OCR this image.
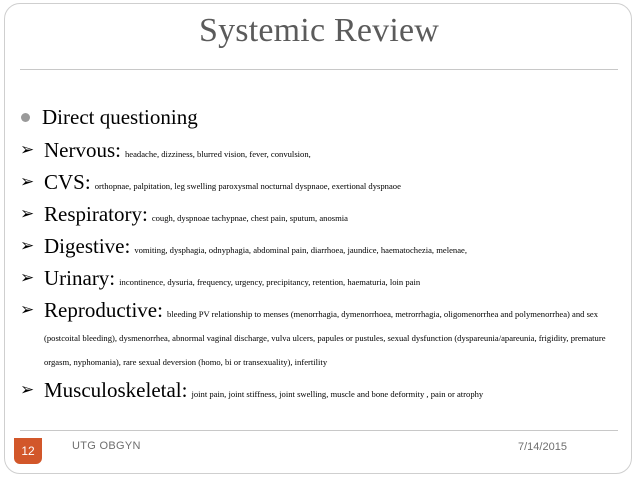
Systemic Review
Direct questioning
➢ Nervous: headache, dizziness, blurred vision, fever, convulsion,
➢ CVS: orthopnae, palpitation, leg swelling paroxysmal nocturnal dyspnaoe, exertional dyspnaoe
➢ Respiratory: cough, dyspnoae tachypnae, chest pain, sputum, anosmia
➢ Digestive: vomiting, dysphagia, odnyphagia, abdominal pain, diarrhoea, jaundice, haematochezia, melenae,
➢ Urinary: incontinence, dysuria, frequency, urgency, precipitancy, retention, haematuria, loin pain
➢ Reproductive: bleeding PV relationship to menses (menorrhagia, dymenorrhoea, metrorrhagia, oligomenorrhea and polymenorrhea) and sex (postcoital bleeding), dysmenorrhea, abnormal vaginal discharge, vulva ulcers, papules or pustules, sexual dysfunction (dyspareunia/apareunia, frigidity, premature orgasm, nyphomania), rare sexual deversion (homo, bi or transexuality), infertility
➢ Musculoskeletal: joint pain, joint stiffness, joint swelling, muscle and bone deformity , pain or atrophy
12	UTG OBGYN	7/14/2015
